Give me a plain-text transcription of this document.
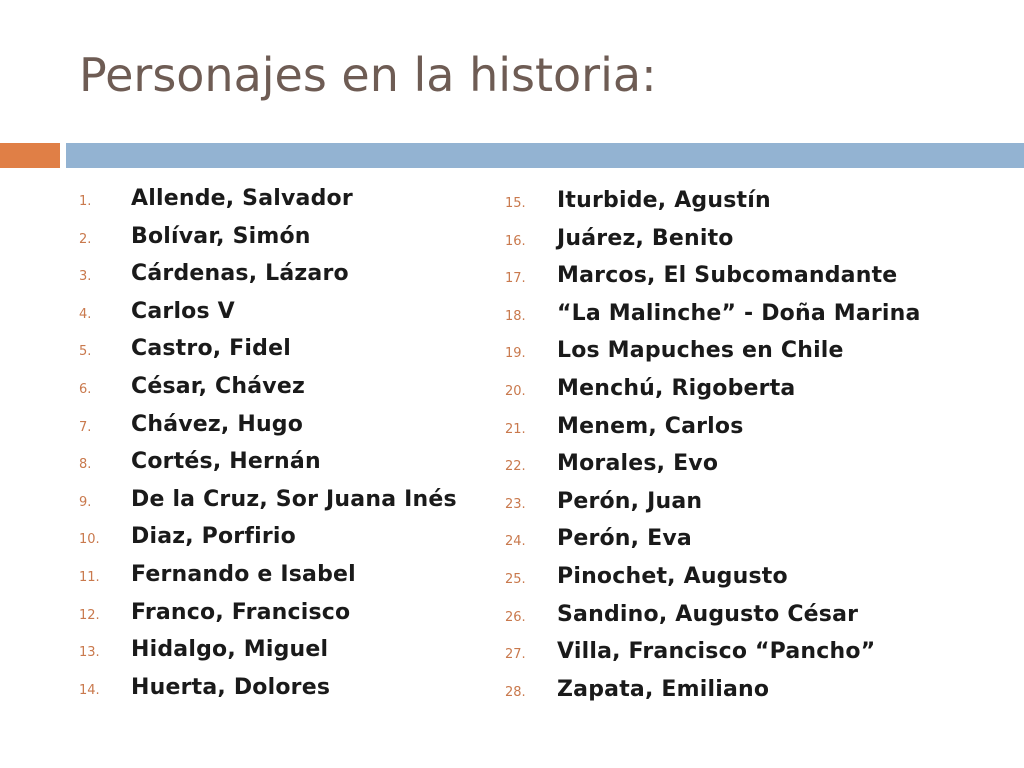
Personajes en la historia:
1.	Allende, Salvador
2.	Bolívar, Simón
3.	Cárdenas, Lázaro
4.	Carlos V
5.	Castro, Fidel
6.	César, Chávez
7.	Chávez, Hugo
8.	Cortés, Hernán
9.	De la Cruz, Sor Juana Inés
10.	Diaz, Porfirio
11.	Fernando e Isabel
12.	Franco, Francisco
13.	Hidalgo, Miguel
14.	Huerta, Dolores
15.	Iturbide, Agustín
16.	Juárez, Benito
17.	Marcos, El Subcomandante
18.	“La Malinche” - Doña Marina
19.	Los Mapuches en Chile
20.	Menchú, Rigoberta
21.	Menem, Carlos
22.	Morales, Evo
23.	Perón, Juan
24.	Perón, Eva
25.	Pinochet, Augusto
26.	Sandino, Augusto César
27.	Villa, Francisco “Pancho”
28.	Zapata, Emiliano
